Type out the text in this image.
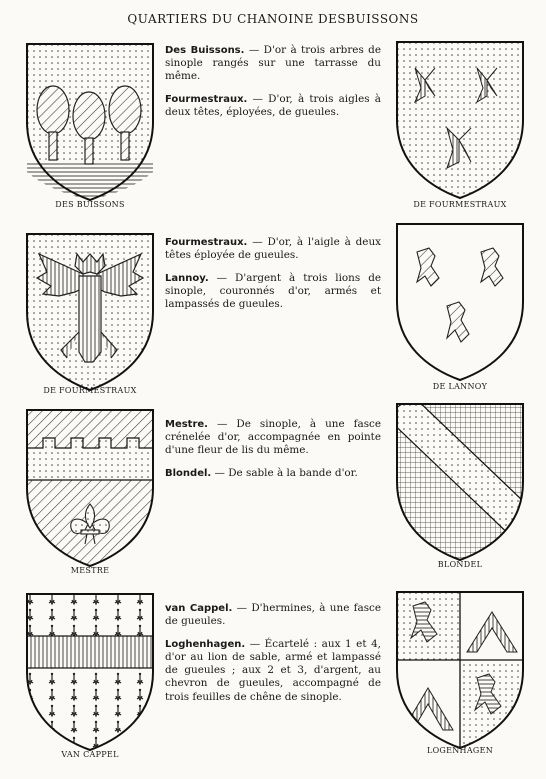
QUARTIERS DU CHANOINE DESBUISSONS
DES BUISSONS	DE FOURMESTRAUX

Des Buissons. — D'or à trois arbres de sinople rangés sur une tarrasse du même.

Fourmestraux. — D'or, à trois aigles à deux têtes, éployées, de gueules.

DE FOURMESTRAUX	DE LANNOY

Fourmestraux. — D'or, à l'aigle à deux têtes éployée de gueules.

Lannoy. — D'argent à trois lions de sinople, couronnés d'or, armés et lampassés de gueules.

MESTRE
BLONDEL

Mestre. — De sinople, à une fasce crénelée d'or, accompagnée en pointe d'une fleur de lis du même.

Blondel. — De sable à la bande d'or.

VAN CAPPEL	LOGENHAGEN

van Cappel. — D'hermines, à une fasce de gueules.

Loghenhagen. — Écartelé : aux 1 et 4, d'or au lion de sable, armé et lampassé de gueules ; aux 2 et 3, d'argent, au chevron de gueules, accompagné de trois feuilles de chêne de sinople.
